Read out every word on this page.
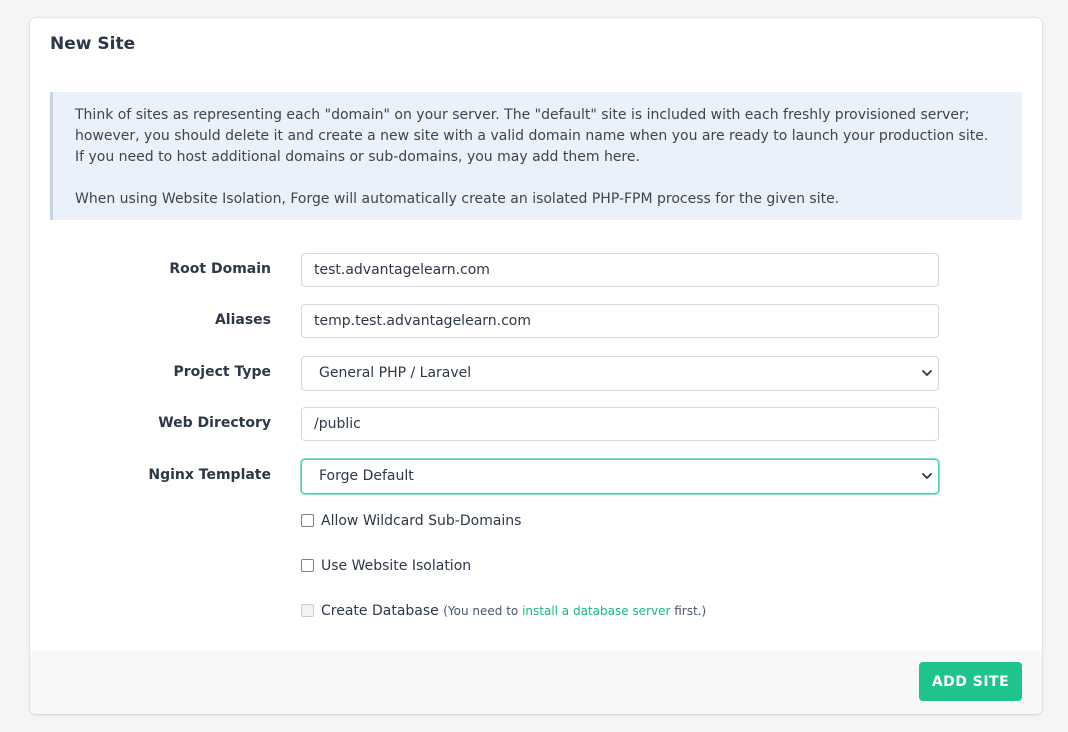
New Site

Think of sites as representing each "domain" on your server. The "default" site is included with each freshly provisioned server; however, you should delete it and create a new site with a valid domain name when you are ready to launch your production site. If you need to host additional domains or sub-domains, you may add them here.

When using Website Isolation, Forge will automatically create an isolated PHP-FPM process for the given site.

Root Domain
test.advantagelearn.com
Aliases
temp.test.advantagelearn.com
Project Type	General PHP / Laravel
Web Directory
/public
Nginx Template	Forge Default
Allow Wildcard Sub-Domains
Use Website Isolation
Create Database (You need to install a database server first.)
ADD SITE
